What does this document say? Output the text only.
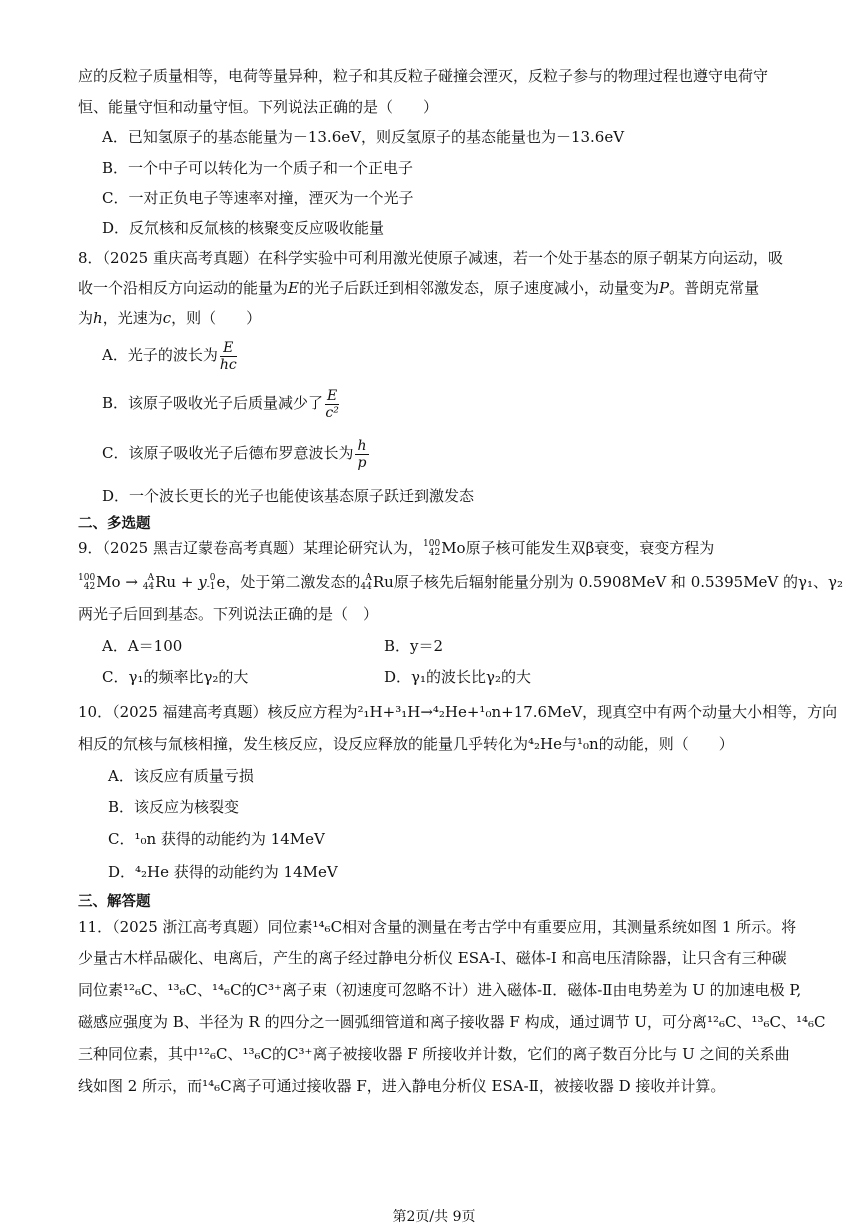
应的反粒子质量相等，电荷等量异种，粒子和其反粒子碰撞会湮灭，反粒子参与的物理过程也遵守电荷守
恒、能量守恒和动量守恒。下列说法正确的是（　　）
A．已知氢原子的基态能量为－13.6eV，则反氢原子的基态能量也为－13.6eV
B．一个中子可以转化为一个质子和一个正电子
C．一对正负电子等速率对撞，湮灭为一个光子
D．反氘核和反氚核的核聚变反应吸收能量
8．（2025 重庆高考真题）在科学实验中可利用激光使原子减速，若一个处于基态的原子朝某方向运动，吸
收一个沿相反方向运动的能量为E的光子后跃迁到相邻激发态，原子速度减小，动量变为P。普朗克常量
为h，光速为c，则（　　）
A．光子的波长为 $\frac{E}{hc}$
B．该原子吸收光子后质量减少了 $\frac{E}{\text{c²}}$
C．该原子吸收光子后德布罗意波长为 $\frac{h}{p}$
D．一个波长更长的光子也能使该基态原子跃迁到激发态
二、多选题
9．（2025 黑吉辽蒙卷高考真题）某理论研究认为， 100
42 Mo原子核可能发生双β衰变，衰变方程为
100
42 Mo → A
44 Ru + y 0
-1 e，处于第二激发态的 A
44 Ru原子核先后辐射能量分别为 0.5908MeV 和 0.5395MeV 的γ₁、γ₂
两光子后回到基态。下列说法正确的是（　）
A．A＝100	B．y＝2
C．γ₁的频率比γ₂的大	D．γ₁的波长比γ₂的大
10．（2025 福建高考真题）核反应方程为²₁H+³₁H→⁴₂He+¹₀n+17.6MeV，现真空中有两个动量大小相等，方向
相反的氘核与氚核相撞，发生核反应，设反应释放的能量几乎转化为⁴₂He与¹₀n的动能，则（　　）
A．该反应有质量亏损
B．该反应为核裂变
C．¹₀n 获得的动能约为 14MeV
D．⁴₂He 获得的动能约为 14MeV
三、解答题
11．（2025 浙江高考真题）同位素¹⁴₆C相对含量的测量在考古学中有重要应用，其测量系统如图 1 所示。将
少量古木样品碳化、电离后，产生的离子经过静电分析仪 ESA-I、磁体-I 和高电压清除器，让只含有三种碳
同位素¹²₆C、¹³₆C、¹⁴₆C的C³⁺离子束（初速度可忽略不计）进入磁体-Ⅱ．磁体-Ⅱ由电势差为 U 的加速电极 P,
磁感应强度为 B、半径为 R 的四分之一圆弧细管道和离子接收器 F 构成，通过调节 U，可分离¹²₆C、¹³₆C、¹⁴₆C
三种同位素，其中¹²₆C、¹³₆C的C³⁺离子被接收器 F 所接收并计数，它们的离子数百分比与 U 之间的关系曲
线如图 2 所示，而¹⁴₆C离子可通过接收器 F，进入静电分析仪 ESA-Ⅱ，被接收器 D 接收并计算。
第2页/共 9页
